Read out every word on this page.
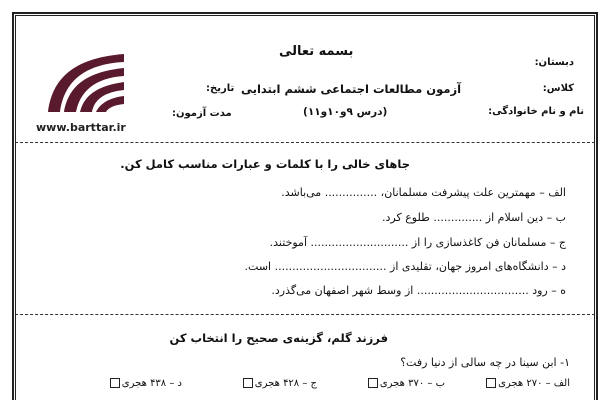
بسمه تعالی
دبستان:
آزمون مطالعات اجتماعی ششم ابتدایی	کلاس:
تاریخ:
(درس ۹و۱۰و۱۱)	نام و نام خانوادگی:
مدت آزمون:
www.barttar.ir
جاهای خالی را با کلمات و عبارات مناسب کامل کن.
الف – مهمترین علت پیشرفت مسلمانان، ............... می‌باشد.
ب – دین اسلام از .............. طلوع کرد.
ج – مسلمانان فن کاغذسازی را از ............................ آموختند.
د – دانشگاه‌های امروز جهان، تقلیدی از ................................ است.
ه – رود ................................ از وسط شهر اصفهان می‌گذرد.
فرزند گلم، گزینه‌ی صحیح را انتخاب کن
۱- ابن سینا در چه سالی از دنیا رفت؟
الف – ۲۷۰ هجری
ب – ۳۷۰ هجری
ج – ۴۲۸ هجری
د – ۴۳۸ هجری
